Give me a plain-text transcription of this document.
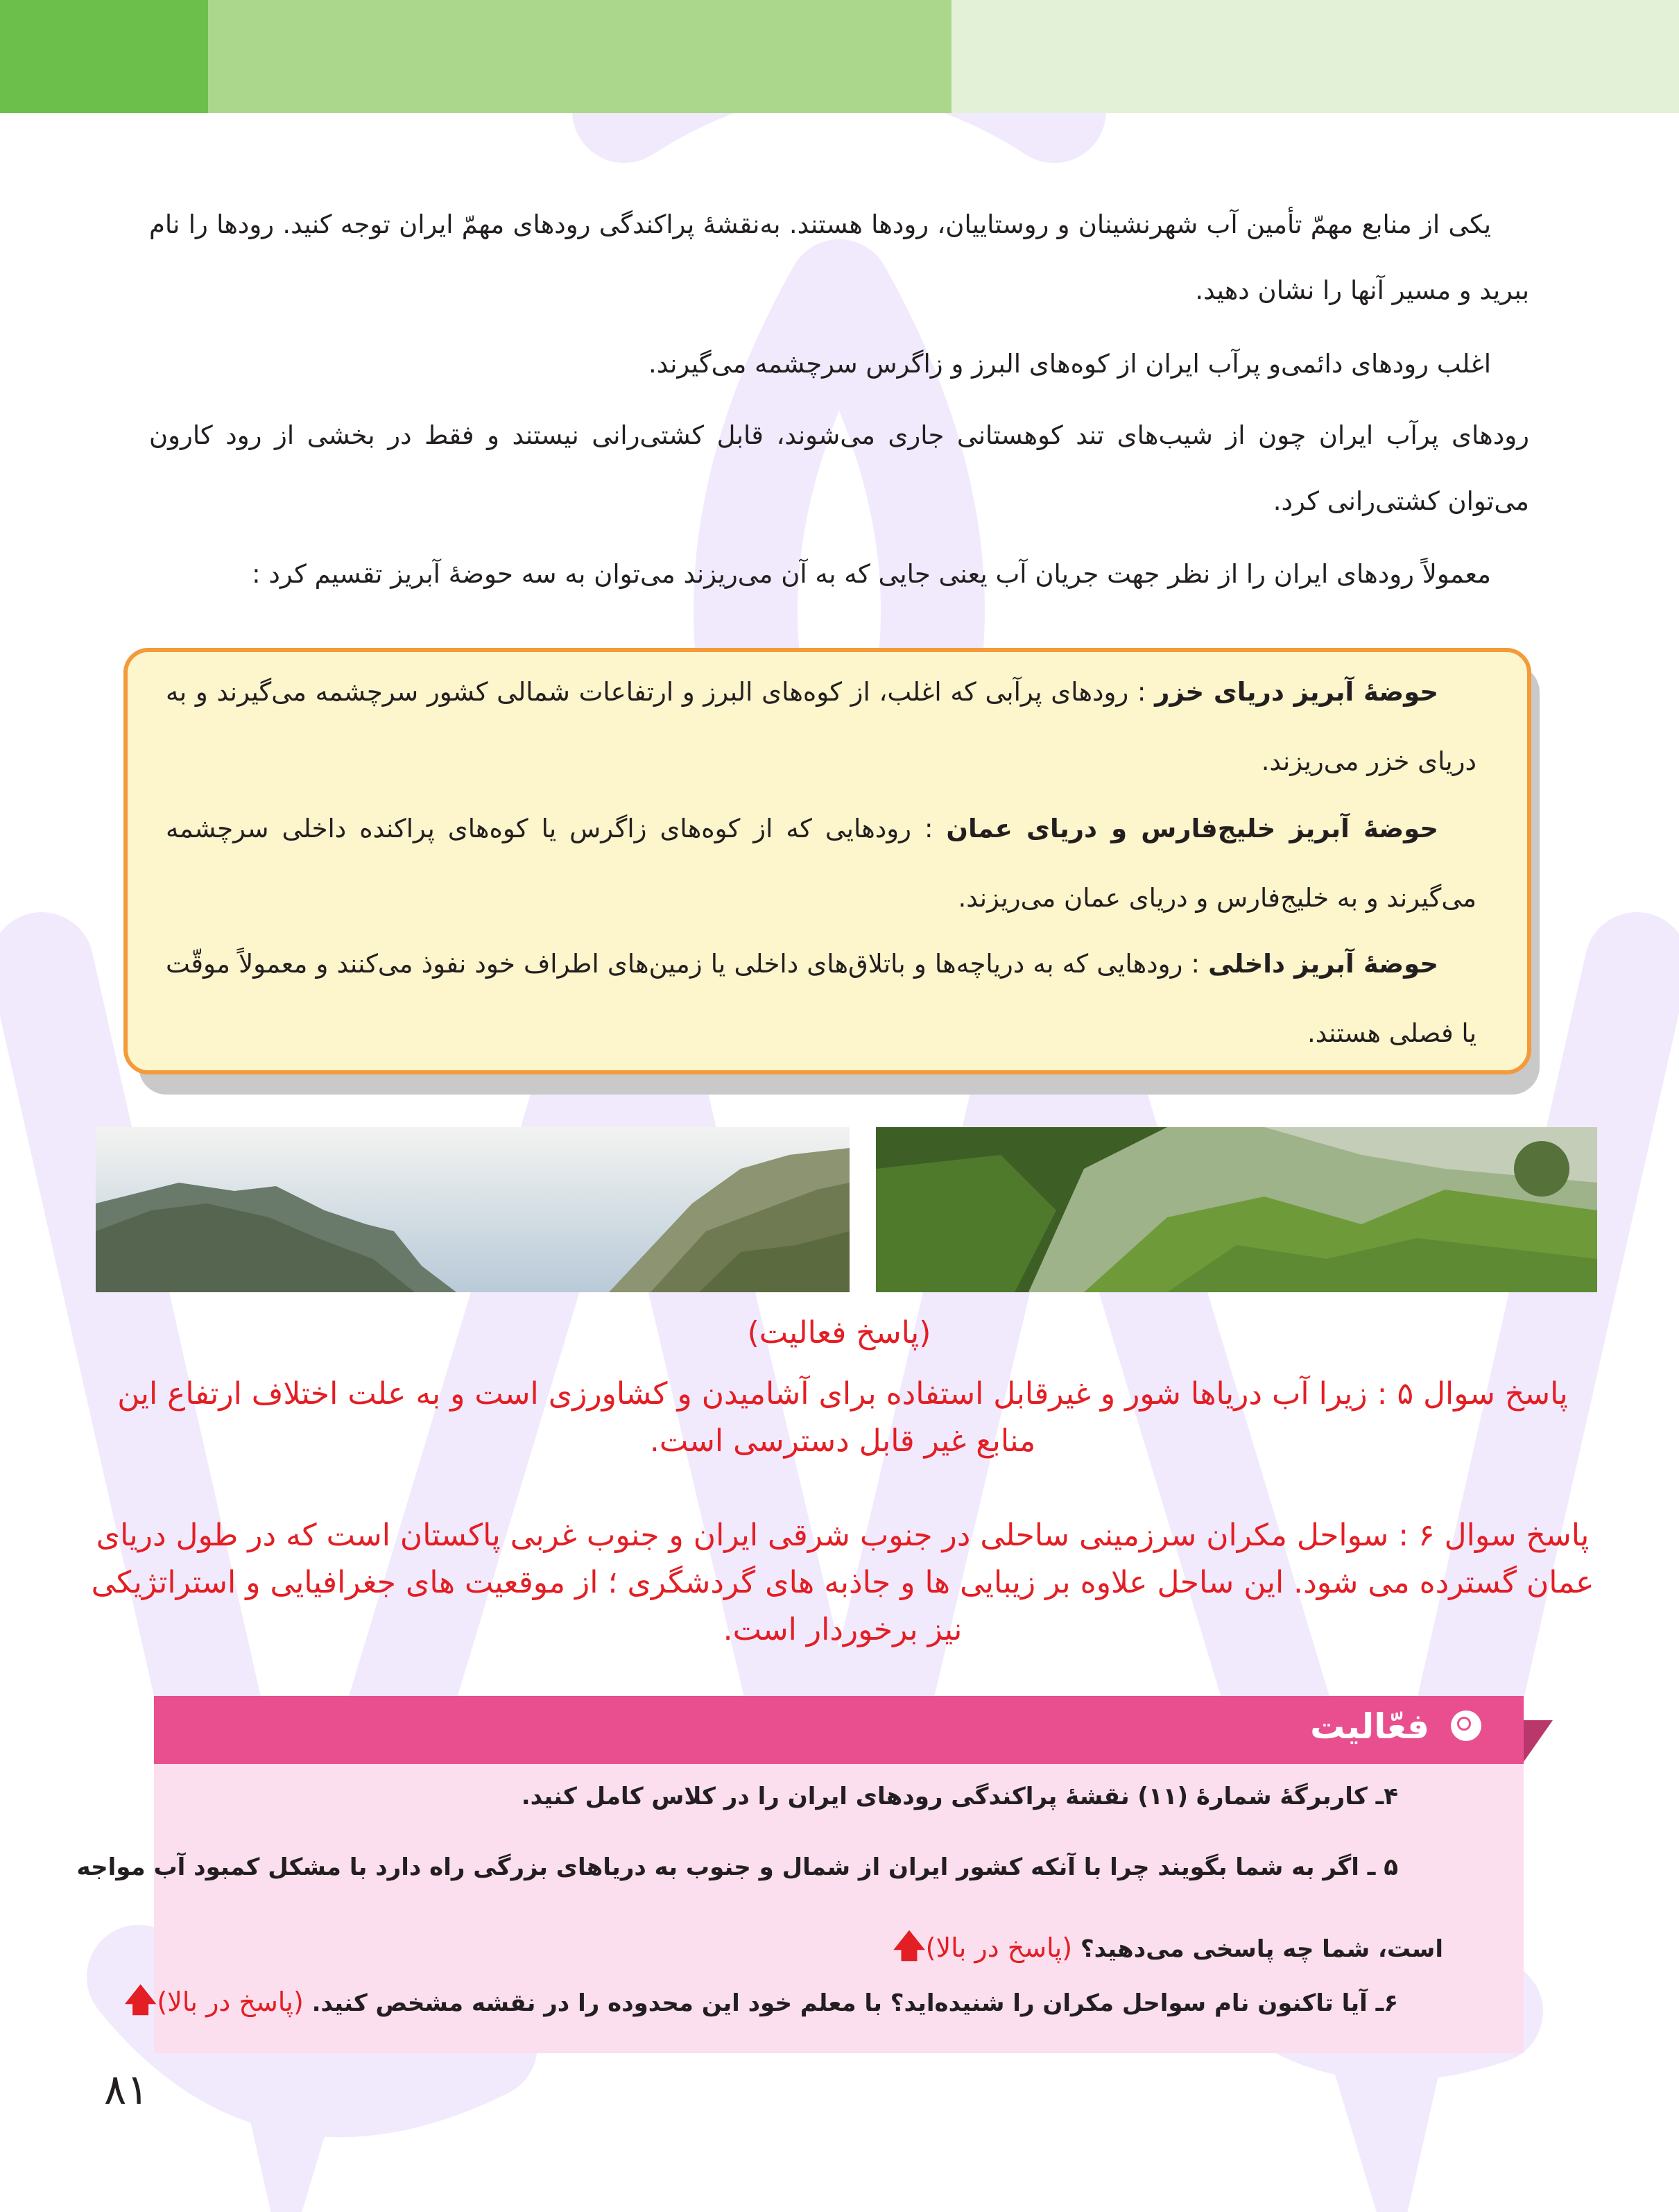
یکی از منابع مهمّ تأمین آب شهرنشینان و روستاییان، رودها هستند. به‌نقشهٔ پراکندگی رودهای مهمّ ایران توجه کنید. رودها را نام ببرید و مسیر آنها را نشان دهید.
اغلب رودهای دائمی‌و پرآب ایران از کوه‌های البرز و زاگرس سرچشمه می‌گیرند.
رودهای پرآب ایران چون از شیب‌های تند کوهستانی جاری می‌شوند، قابل کشتی‌رانی نیستند و فقط در بخشی از رود کارون می‌توان کشتی‌رانی کرد.
معمولاً رودهای ایران را از نظر جهت جریان آب یعنی جایی که به آن می‌ریزند می‌توان به سه حوضهٔ آبریز تقسیم کرد :
حوضهٔ آبریز دریای خزر : رودهای پرآبی که اغلب، از کوه‌های البرز و ارتفاعات شمالی کشور سرچشمه می‌گیرند و به دریای خزر می‌ریزند.
حوضهٔ آبریز خلیج‌فارس و دریای عمان : رودهایی که از کوه‌های زاگرس یا کوه‌های پراکنده داخلی سرچشمه می‌گیرند و به خلیج‌فارس و دریای عمان می‌ریزند.
حوضهٔ آبریز داخلی : رودهایی که به دریاچه‌ها و باتلاق‌های داخلی یا زمین‌های اطراف خود نفوذ می‌کنند و معمولاً موقّت یا فصلی هستند.
(پاسخ فعالیت)
پاسخ سوال ۵ : زیرا آب دریاها شور و غیرقابل استفاده برای آشامیدن و کشاورزی است و به علت اختلاف ارتفاع این منابع غیر قابل دسترسی است.
پاسخ سوال ۶ : سواحل مکران سرزمینی ساحلی در جنوب شرقی ایران و جنوب غربی پاکستان است که در طول دریای عمان گسترده می شود. این ساحل علاوه بر زیبایی ها و جاذبه های گردشگری ؛ از موقعیت های جغرافیایی و استراتژیکی نیز برخوردار است.
فعّالیت
۴ـ کاربرگهٔ شمارهٔ (۱۱) نقشهٔ پراکندگی رودهای ایران را در کلاس کامل کنید.
۵ ـ اگر به شما بگویند چرا با آنکه کشور ایران از شمال و جنوب به دریاهای بزرگی راه دارد با مشکل کمبود آب مواجه
است، شما چه پاسخی می‌دهید؟ (پاسخ در بالا)🡅
۶ـ آیا تاکنون نام سواحل مکران را شنیده‌اید؟ با معلم خود این محدوده را در نقشه مشخص کنید. (پاسخ در بالا)🡅
۸۱
